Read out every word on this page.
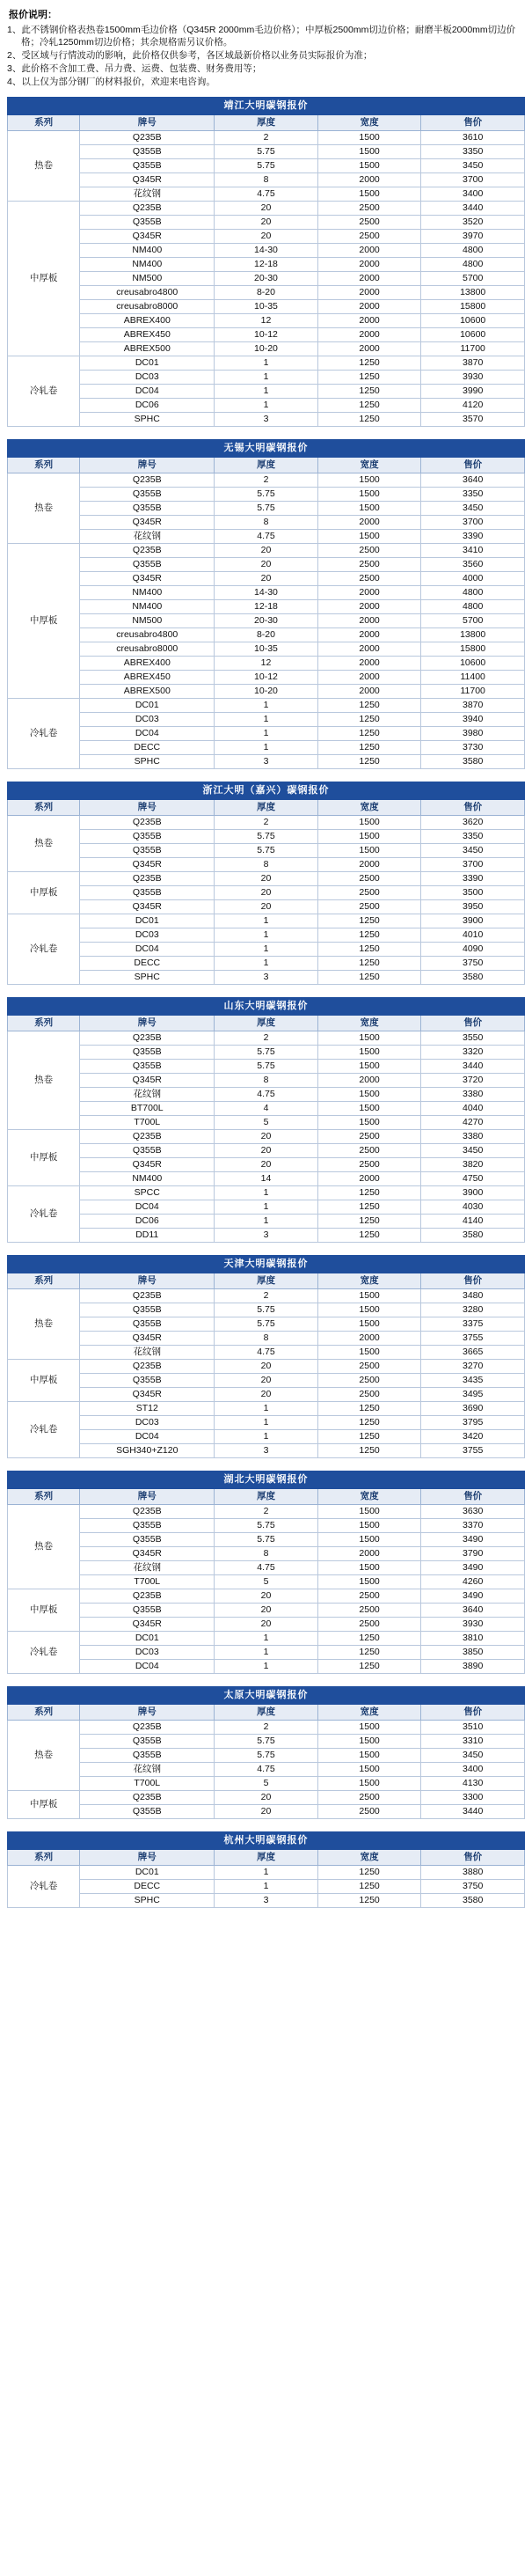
报价说明：
1、此不锈钢价格表热卷1500mm毛边价格（Q345R 2000mm毛边价格）；中厚板2500mm切边价格；耐磨半板2000mm切边价格；冷轧1250mm切边价格；其余规格需另议价格。
2、受区域与行情波动的影响，此价格仅供参考，各区域最新价格以业务员实际报价为准；
3、此价格不含加工费、吊力费、运费、包装费、财务费用等；
4、以上仅为部分钢厂的材料报价，欢迎来电咨询。
靖江大明碳钢报价				
系列	牌号	厚度	宽度	售价
热卷	Q235B	2	1500	3610
	Q355B	5.75	1500	3350
	Q355B	5.75	1500	3450
	Q345R	8	2000	3700
	花纹钢	4.75	1500	3400
中厚板	Q235B	20	2500	3440
	Q355B	20	2500	3520
	Q345R	20	2500	3970
	NM400	14-30	2000	4800
	NM400	12-18	2000	4800
	NM500	20-30	2000	5700
	creusabro4800	8-20	2000	13800
	creusabro8000	10-35	2000	15800
	ABREX400	12	2000	10600
	ABREX450	10-12	2000	10600
	ABREX500	10-20	2000	11700
冷轧卷	DC01	1	1250	3870
	DC03	1	1250	3930
	DC04	1	1250	3990
	DC06	1	1250	4120
	SPHC	3	1250	3570
无锡大明碳钢报价				
系列	牌号	厚度	宽度	售价
热卷	Q235B	2	1500	3640
	Q355B	5.75	1500	3350
	Q355B	5.75	1500	3450
	Q345R	8	2000	3700
	花纹钢	4.75	1500	3390
中厚板	Q235B	20	2500	3410
	Q355B	20	2500	3560
	Q345R	20	2500	4000
	NM400	14-30	2000	4800
	NM400	12-18	2000	4800
	NM500	20-30	2000	5700
	creusabro4800	8-20	2000	13800
	creusabro8000	10-35	2000	15800
	ABREX400	12	2000	10600
	ABREX450	10-12	2000	11400
	ABREX500	10-20	2000	11700
冷轧卷	DC01	1	1250	3870
	DC03	1	1250	3940
	DC04	1	1250	3980
	DECC	1	1250	3730
	SPHC	3	1250	3580
浙江大明（嘉兴）碳钢报价				
系列	牌号	厚度	宽度	售价
热卷	Q235B	2	1500	3620
	Q355B	5.75	1500	3350
	Q355B	5.75	1500	3450
	Q345R	8	2000	3700
中厚板	Q235B	20	2500	3390
	Q355B	20	2500	3500
	Q345R	20	2500	3950
冷轧卷	DC01	1	1250	3900
	DC03	1	1250	4010
	DC04	1	1250	4090
	DECC	1	1250	3750
	SPHC	3	1250	3580
山东大明碳钢报价				
系列	牌号	厚度	宽度	售价
热卷	Q235B	2	1500	3550
	Q355B	5.75	1500	3320
	Q355B	5.75	1500	3440
	Q345R	8	2000	3720
	花纹钢	4.75	1500	3380
	BT700L	4	1500	4040
	T700L	5	1500	4270
中厚板	Q235B	20	2500	3380
	Q355B	20	2500	3450
	Q345R	20	2500	3820
	NM400	14	2000	4750
冷轧卷	SPCC	1	1250	3900
	DC04	1	1250	4030
	DC06	1	1250	4140
	DD11	3	1250	3580
天津大明碳钢报价				
系列	牌号	厚度	宽度	售价
热卷	Q235B	2	1500	3480
	Q355B	5.75	1500	3280
	Q355B	5.75	1500	3375
	Q345R	8	2000	3755
	花纹钢	4.75	1500	3665
中厚板	Q235B	20	2500	3270
	Q355B	20	2500	3435
	Q345R	20	2500	3495
冷轧卷	ST12	1	1250	3690
	DC03	1	1250	3795
	DC04	1	1250	3420
	SGH340+Z120	3	1250	3755
湖北大明碳钢报价				
系列	牌号	厚度	宽度	售价
热卷	Q235B	2	1500	3630
	Q355B	5.75	1500	3370
	Q355B	5.75	1500	3490
	Q345R	8	2000	3790
	花纹钢	4.75	1500	3490
	T700L	5	1500	4260
中厚板	Q235B	20	2500	3490
	Q355B	20	2500	3640
	Q345R	20	2500	3930
冷轧卷	DC01	1	1250	3810
	DC03	1	1250	3850
	DC04	1	1250	3890
太原大明碳钢报价				
系列	牌号	厚度	宽度	售价
热卷	Q235B	2	1500	3510
	Q355B	5.75	1500	3310
	Q355B	5.75	1500	3450
	花纹钢	4.75	1500	3400
	T700L	5	1500	4130
中厚板	Q235B	20	2500	3300
	Q355B	20	2500	3440
杭州大明碳钢报价				
系列	牌号	厚度	宽度	售价
冷轧卷	DC01	1	1250	3880
	DECC	1	1250	3750
	SPHC	3	1250	3580
